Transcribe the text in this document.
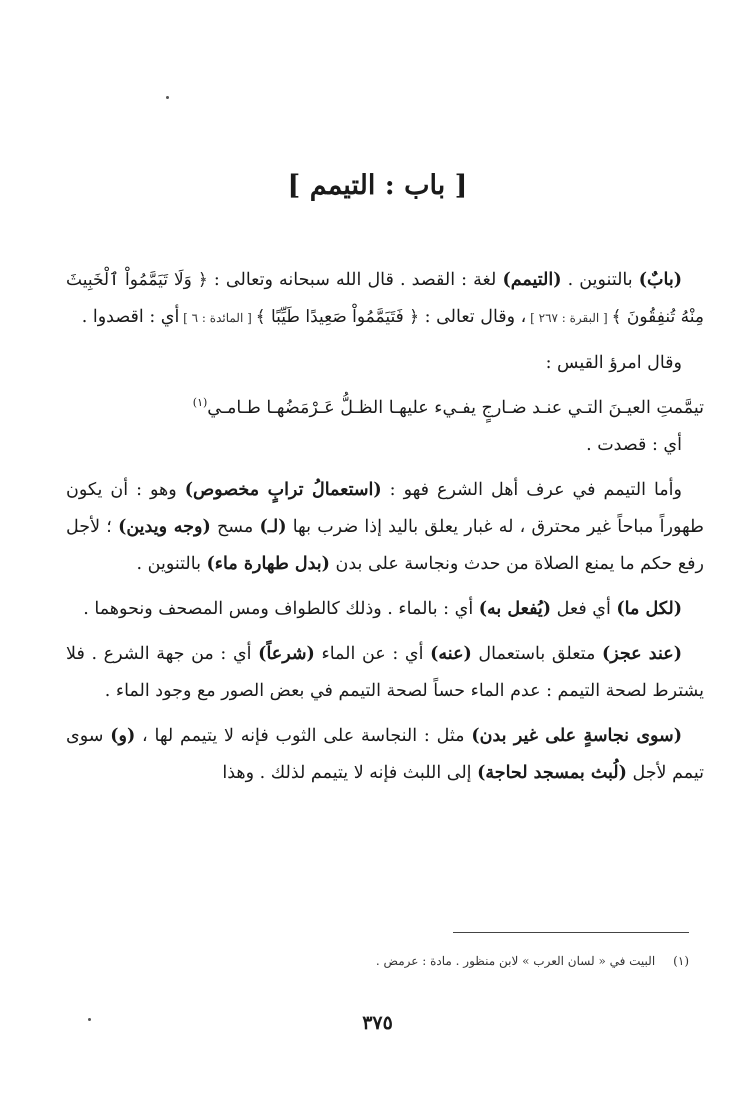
[ باب : التيمم ]

(بابٌ) بالتنوين . (التيمم) لغة : القصد . قال الله سبحانه وتعالى : ﴿ وَلَا تَيَمَّمُواْ ٱلْخَبِيثَ مِنْهُ تُنفِقُونَ ﴾ [ البقرة : ٢٦٧ ] ، وقال تعالى : ﴿ فَتَيَمَّمُواْ صَعِيدًا طَيِّبًا ﴾ [ المائدة : ٦ ] أي : اقصدوا .

وقال امرؤ القيس :

تيمَّمتِ العيـنَ التـي عنـد ضـارجٍ يفـيء عليهـا الظـلُّ عَـرْمَضُهـا طـامـي$^{(١)}$

أي : قصدت .

وأما التيمم في عرف أهل الشرع فهو : (استعمالُ ترابٍ مخصوص) وهو : أن يكون طهوراً مباحاً غير محترق ، له غبار يعلق باليد إذا ضرب بها (لـ) مسح (وجه ويدين) ؛ لأجل رفع حكم ما يمنع الصلاة من حدث ونجاسة على بدن (بدل طهارة ماء) بالتنوين .

(لكل ما) أي فعل (يُفعل به) أي : بالماء . وذلك كالطواف ومس المصحف ونحوهما .

(عند عجز) متعلق باستعمال (عنه) أي : عن الماء (شرعاً) أي : من جهة الشرع . فلا يشترط لصحة التيمم : عدم الماء حساً لصحة التيمم في بعض الصور مع وجود الماء .

(سوى نجاسةٍ على غير بدن) مثل : النجاسة على الثوب فإنه لا يتيمم لها ، (و) سوى تيمم لأجل (لُبث بمسجد لحاجة) إلى اللبث فإنه لا يتيمم لذلك . وهذا

(١)البيت في « لسان العرب » لابن منظور . مادة : عرمض .
٣٧٥
